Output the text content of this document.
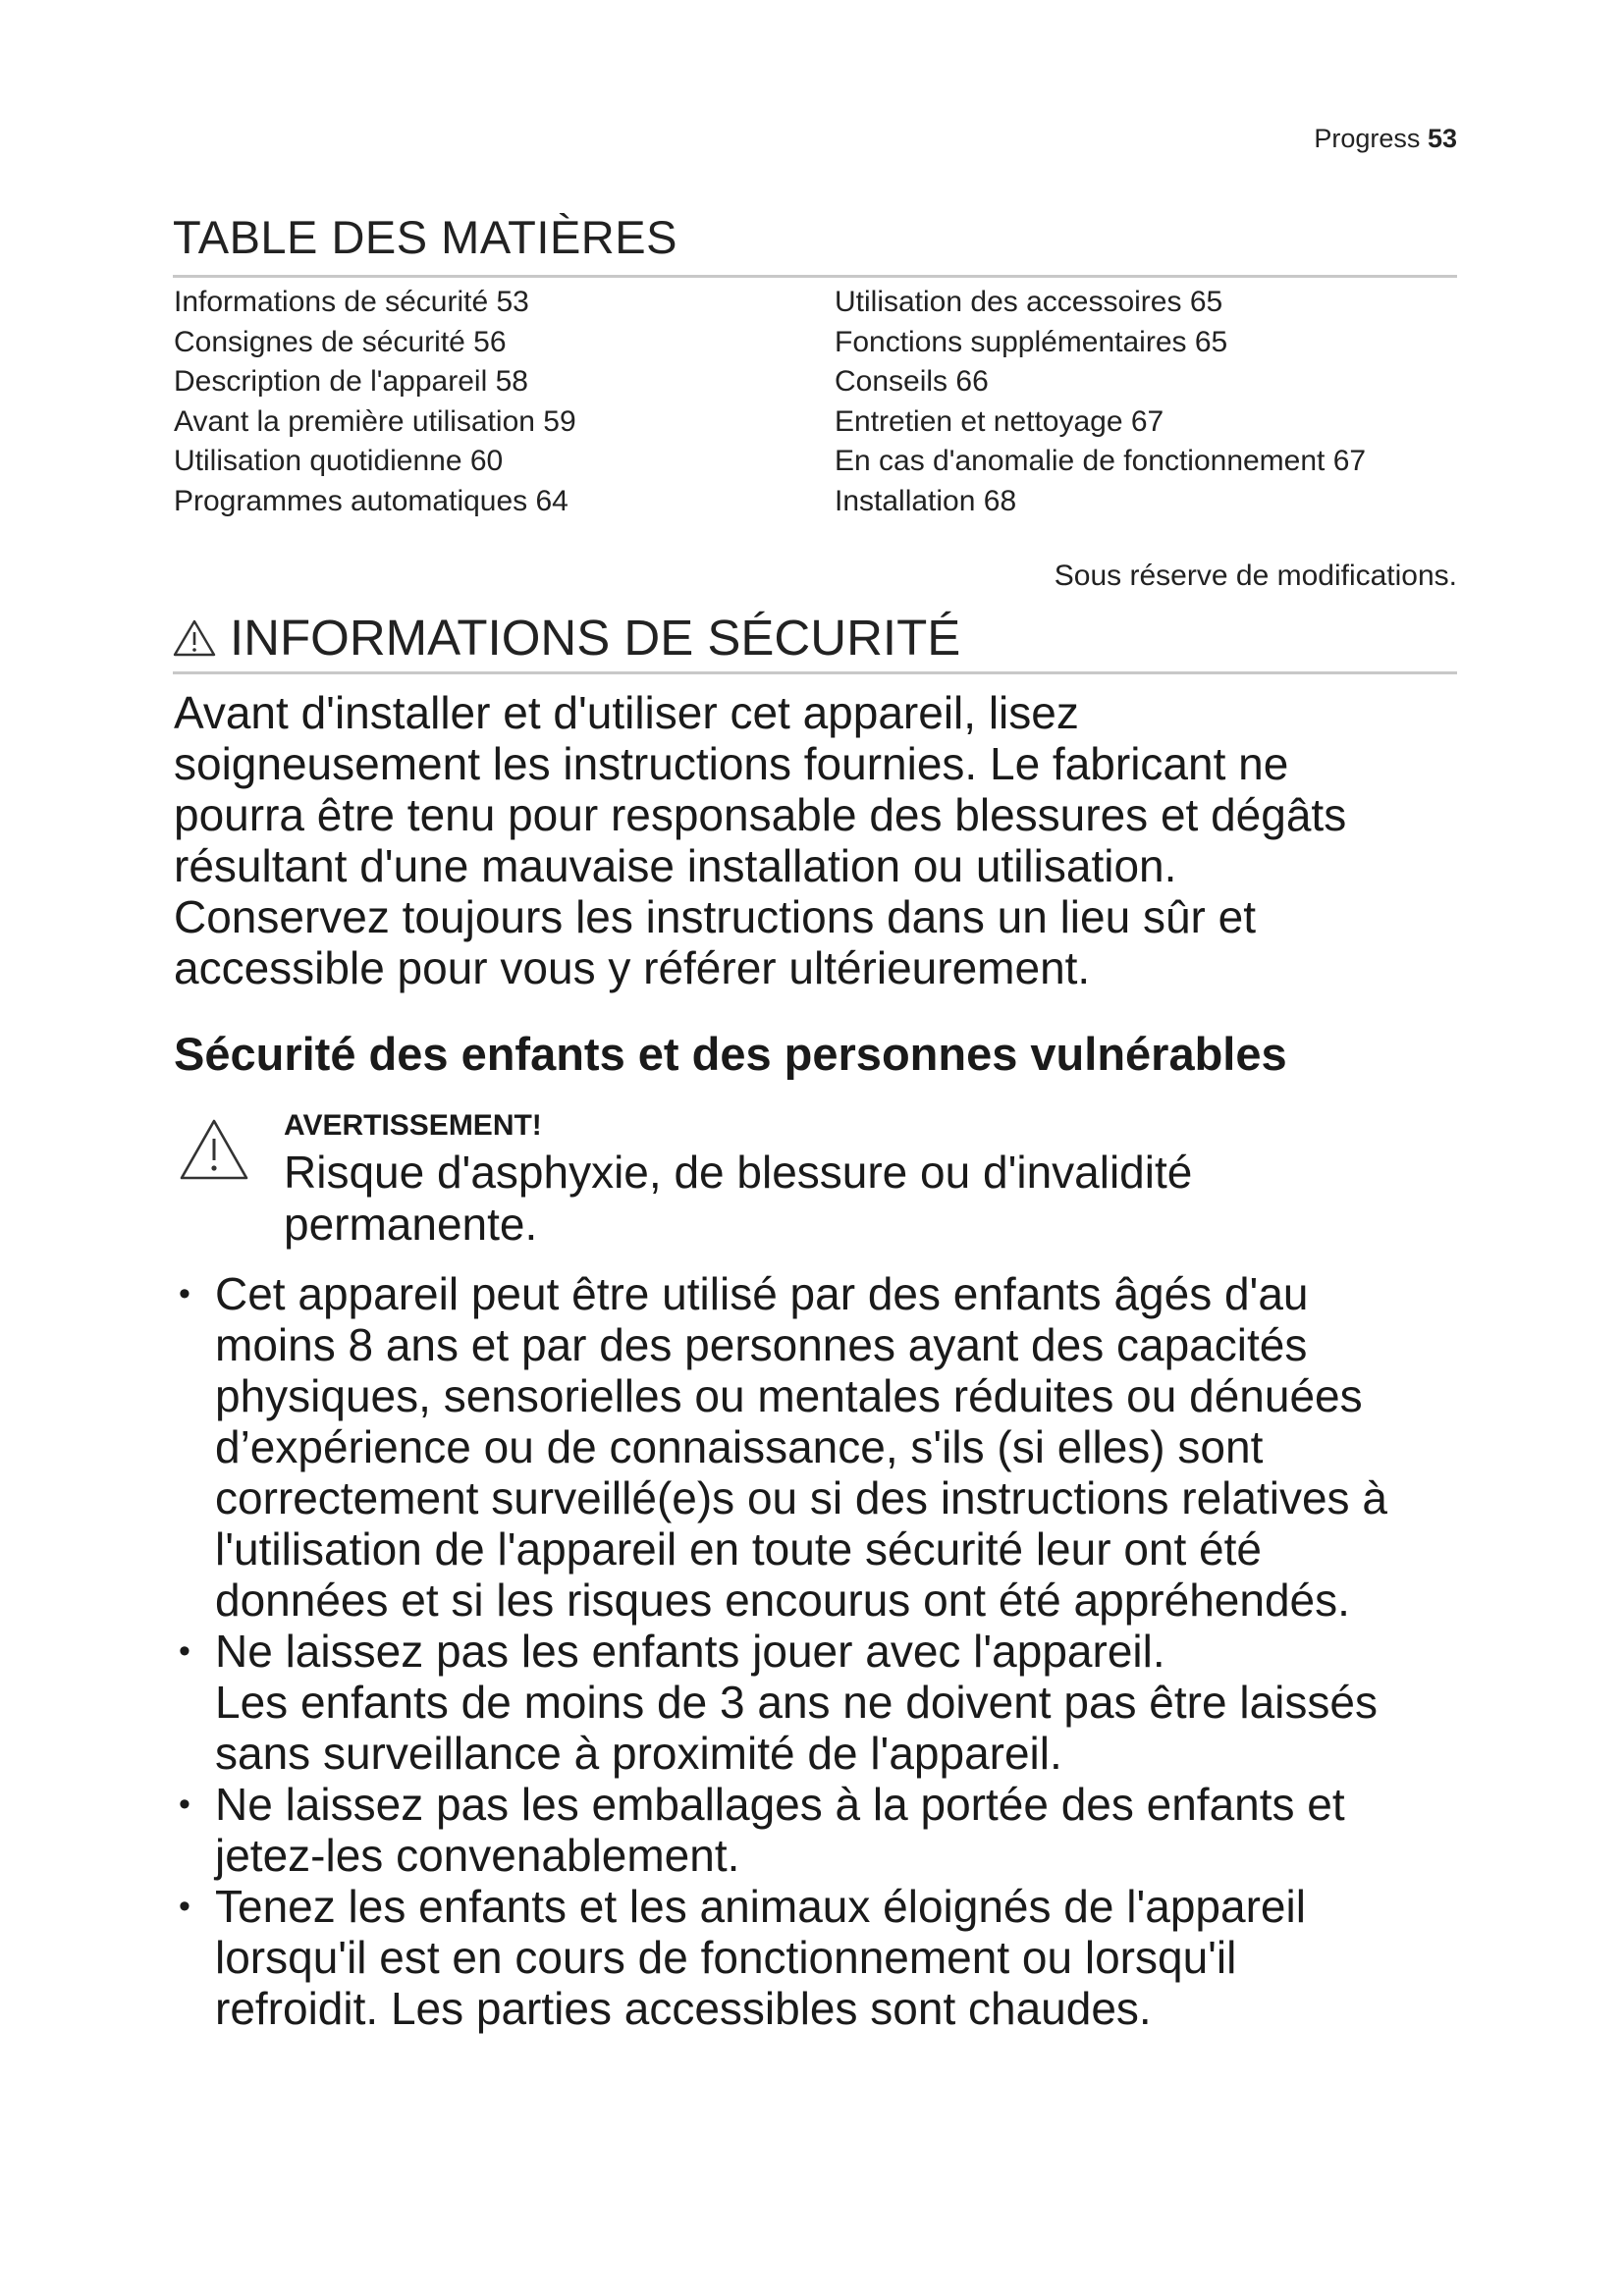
Progress 53
TABLE DES MATIÈRES
Informations de sécurité 53
Consignes de sécurité 56
Description de l'appareil 58
Avant la première utilisation 59
Utilisation quotidienne 60
Programmes automatiques 64
Utilisation des accessoires 65
Fonctions supplémentaires 65
Conseils 66
Entretien et nettoyage 67
En cas d'anomalie de fonctionnement 67
Installation 68
Sous réserve de modifications.
INFORMATIONS DE SÉCURITÉ

Avant d'installer et d'utiliser cet appareil, lisez

soigneusement les instructions fournies. Le fabricant ne

pourra être tenu pour responsable des blessures et dégâts

résultant d'une mauvaise installation ou utilisation.

Conservez toujours les instructions dans un lieu sûr et

accessible pour vous y référer ultérieurement.

Sécurité des enfants et des personnes vulnérables
AVERTISSEMENT!
Risque d'asphyxie, de blessure ou d'invalidité
permanente.
• Cet appareil peut être utilisé par des enfants âgés d'au
moins 8 ans et par des personnes ayant des capacités
physiques, sensorielles ou mentales réduites ou dénuées
d’expérience ou de connaissance, s'ils (si elles) sont
correctement surveillé(e)s ou si des instructions relatives à
l'utilisation de l'appareil en toute sécurité leur ont été
données et si les risques encourus ont été appréhendés.
• Ne laissez pas les enfants jouer avec l'appareil.
Les enfants de moins de 3 ans ne doivent pas être laissés
sans surveillance à proximité de l'appareil.
• Ne laissez pas les emballages à la portée des enfants et
jetez-les convenablement.
• Tenez les enfants et les animaux éloignés de l'appareil
lorsqu'il est en cours de fonctionnement ou lorsqu'il
refroidit. Les parties accessibles sont chaudes.
